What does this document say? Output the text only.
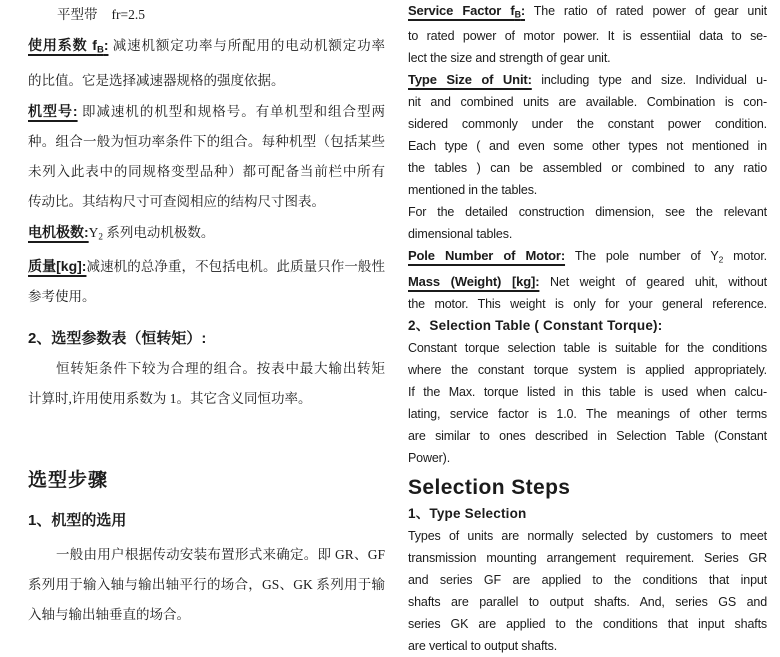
平型带 fr=2.5
使用系数 $f_B$: 减速机额定功率与所配用的电动机额定功率
的比值。它是选择减速器规格的强度依据。
机型号: 即减速机的机型和规格号。有单机型和组合型两
种。组合一般为恒功率条件下的组合。每种机型（包括某些
未列入此表中的同规格变型品种）都可配备当前栏中所有
传动比。其结构尺寸可查阅相应的结构尺寸图表。
电机极数$:Y_2$ 系列电动机极数。
质量[kg]:减速机的总净重，不包括电机。此质量只作一般性
参考使用。
2、选型参数表（恒转矩）:
恒转矩条件下较为合理的组合。按表中最大输出转矩
计算时,许用使用系数为 1。其它含义同恒功率。
选型步骤
1、机型的选用
一般由用户根据传动安装布置形式来确定。即 GR、GF
系列用于输入轴与输出轴平行的场合，GS、GK 系列用于输
入轴与输出轴垂直的场合。
Service Factor $f_B$: The ratio of rated power of gear unit
to rated power of motor power. It is essentiial data to se-
lect the size and strength of gear unit.
Type Size of Unit: including type and size. Individual u-
nit and combined units are available. Combination is con-
sidered commonly under the constant power condition.
Each type ( and even some other types not mentioned in
the tables ) can be assembled or combined to any ratio
mentioned in the tables.
For the detailed construction dimension, see the relevant
dimensional tables.
Pole Number of Motor: The pole number of $Y_2$ motor.
Mass (Weight) [kg]: Net weight of geared uhit, without
the motor. This weight is only for your general reference.
2、Selection Table ( Constant Torque):
Constant torque selection table is suitable for the conditions
where the constant torque system is applied appropriately.
If the Max. torque listed in this table is used when calcu-
lating, service factor is 1.0. The meanings of other terms
are similar to ones described in Selection Table (Constant
Power).
Selection Steps
1、Type Selection
Types of units are normally selected by customers to meet
transmission mounting arrangement requirement. Series GR
and series GF are applied to the conditions that input
shafts are parallel to output shafts. And, series GS and
series GK are applied to the conditions that input shafts
are vertical to output shafts.
